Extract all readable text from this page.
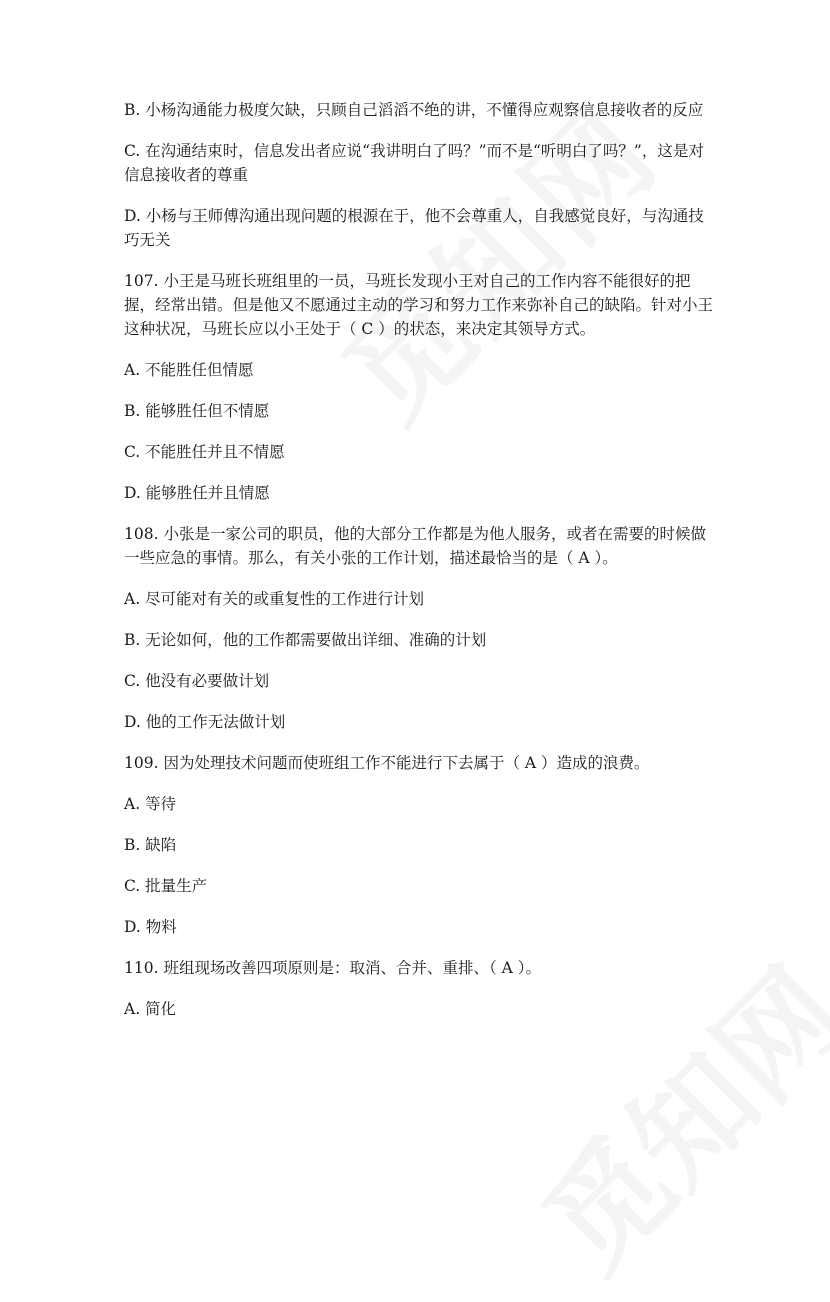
B. 小杨沟通能力极度欠缺，只顾自己滔滔不绝的讲，不懂得应观察信息接收者的反应

C. 在沟通结束时，信息发出者应说“我讲明白了吗？”而不是“听明白了吗？”，这是对信息接收者的尊重

D. 小杨与王师傅沟通出现问题的根源在于，他不会尊重人，自我感觉良好，与沟通技巧无关

107. 小王是马班长班组里的一员，马班长发现小王对自己的工作内容不能很好的把握，经常出错。但是他又不愿通过主动的学习和努力工作来弥补自己的缺陷。针对小王这种状况，马班长应以小王处于（ C ）的状态，来决定其领导方式。

A. 不能胜任但情愿

B. 能够胜任但不情愿

C. 不能胜任并且不情愿

D. 能够胜任并且情愿

108. 小张是一家公司的职员，他的大部分工作都是为他人服务，或者在需要的时候做一些应急的事情。那么，有关小张的工作计划，描述最恰当的是（ A ）。

A. 尽可能对有关的或重复性的工作进行计划

B. 无论如何，他的工作都需要做出详细、准确的计划

C. 他没有必要做计划

D. 他的工作无法做计划

109. 因为处理技术问题而使班组工作不能进行下去属于（ A ）造成的浪费。

A. 等待

B. 缺陷

C. 批量生产

D. 物料

110. 班组现场改善四项原则是：取消、合并、重排、（ A ）。

A. 简化
